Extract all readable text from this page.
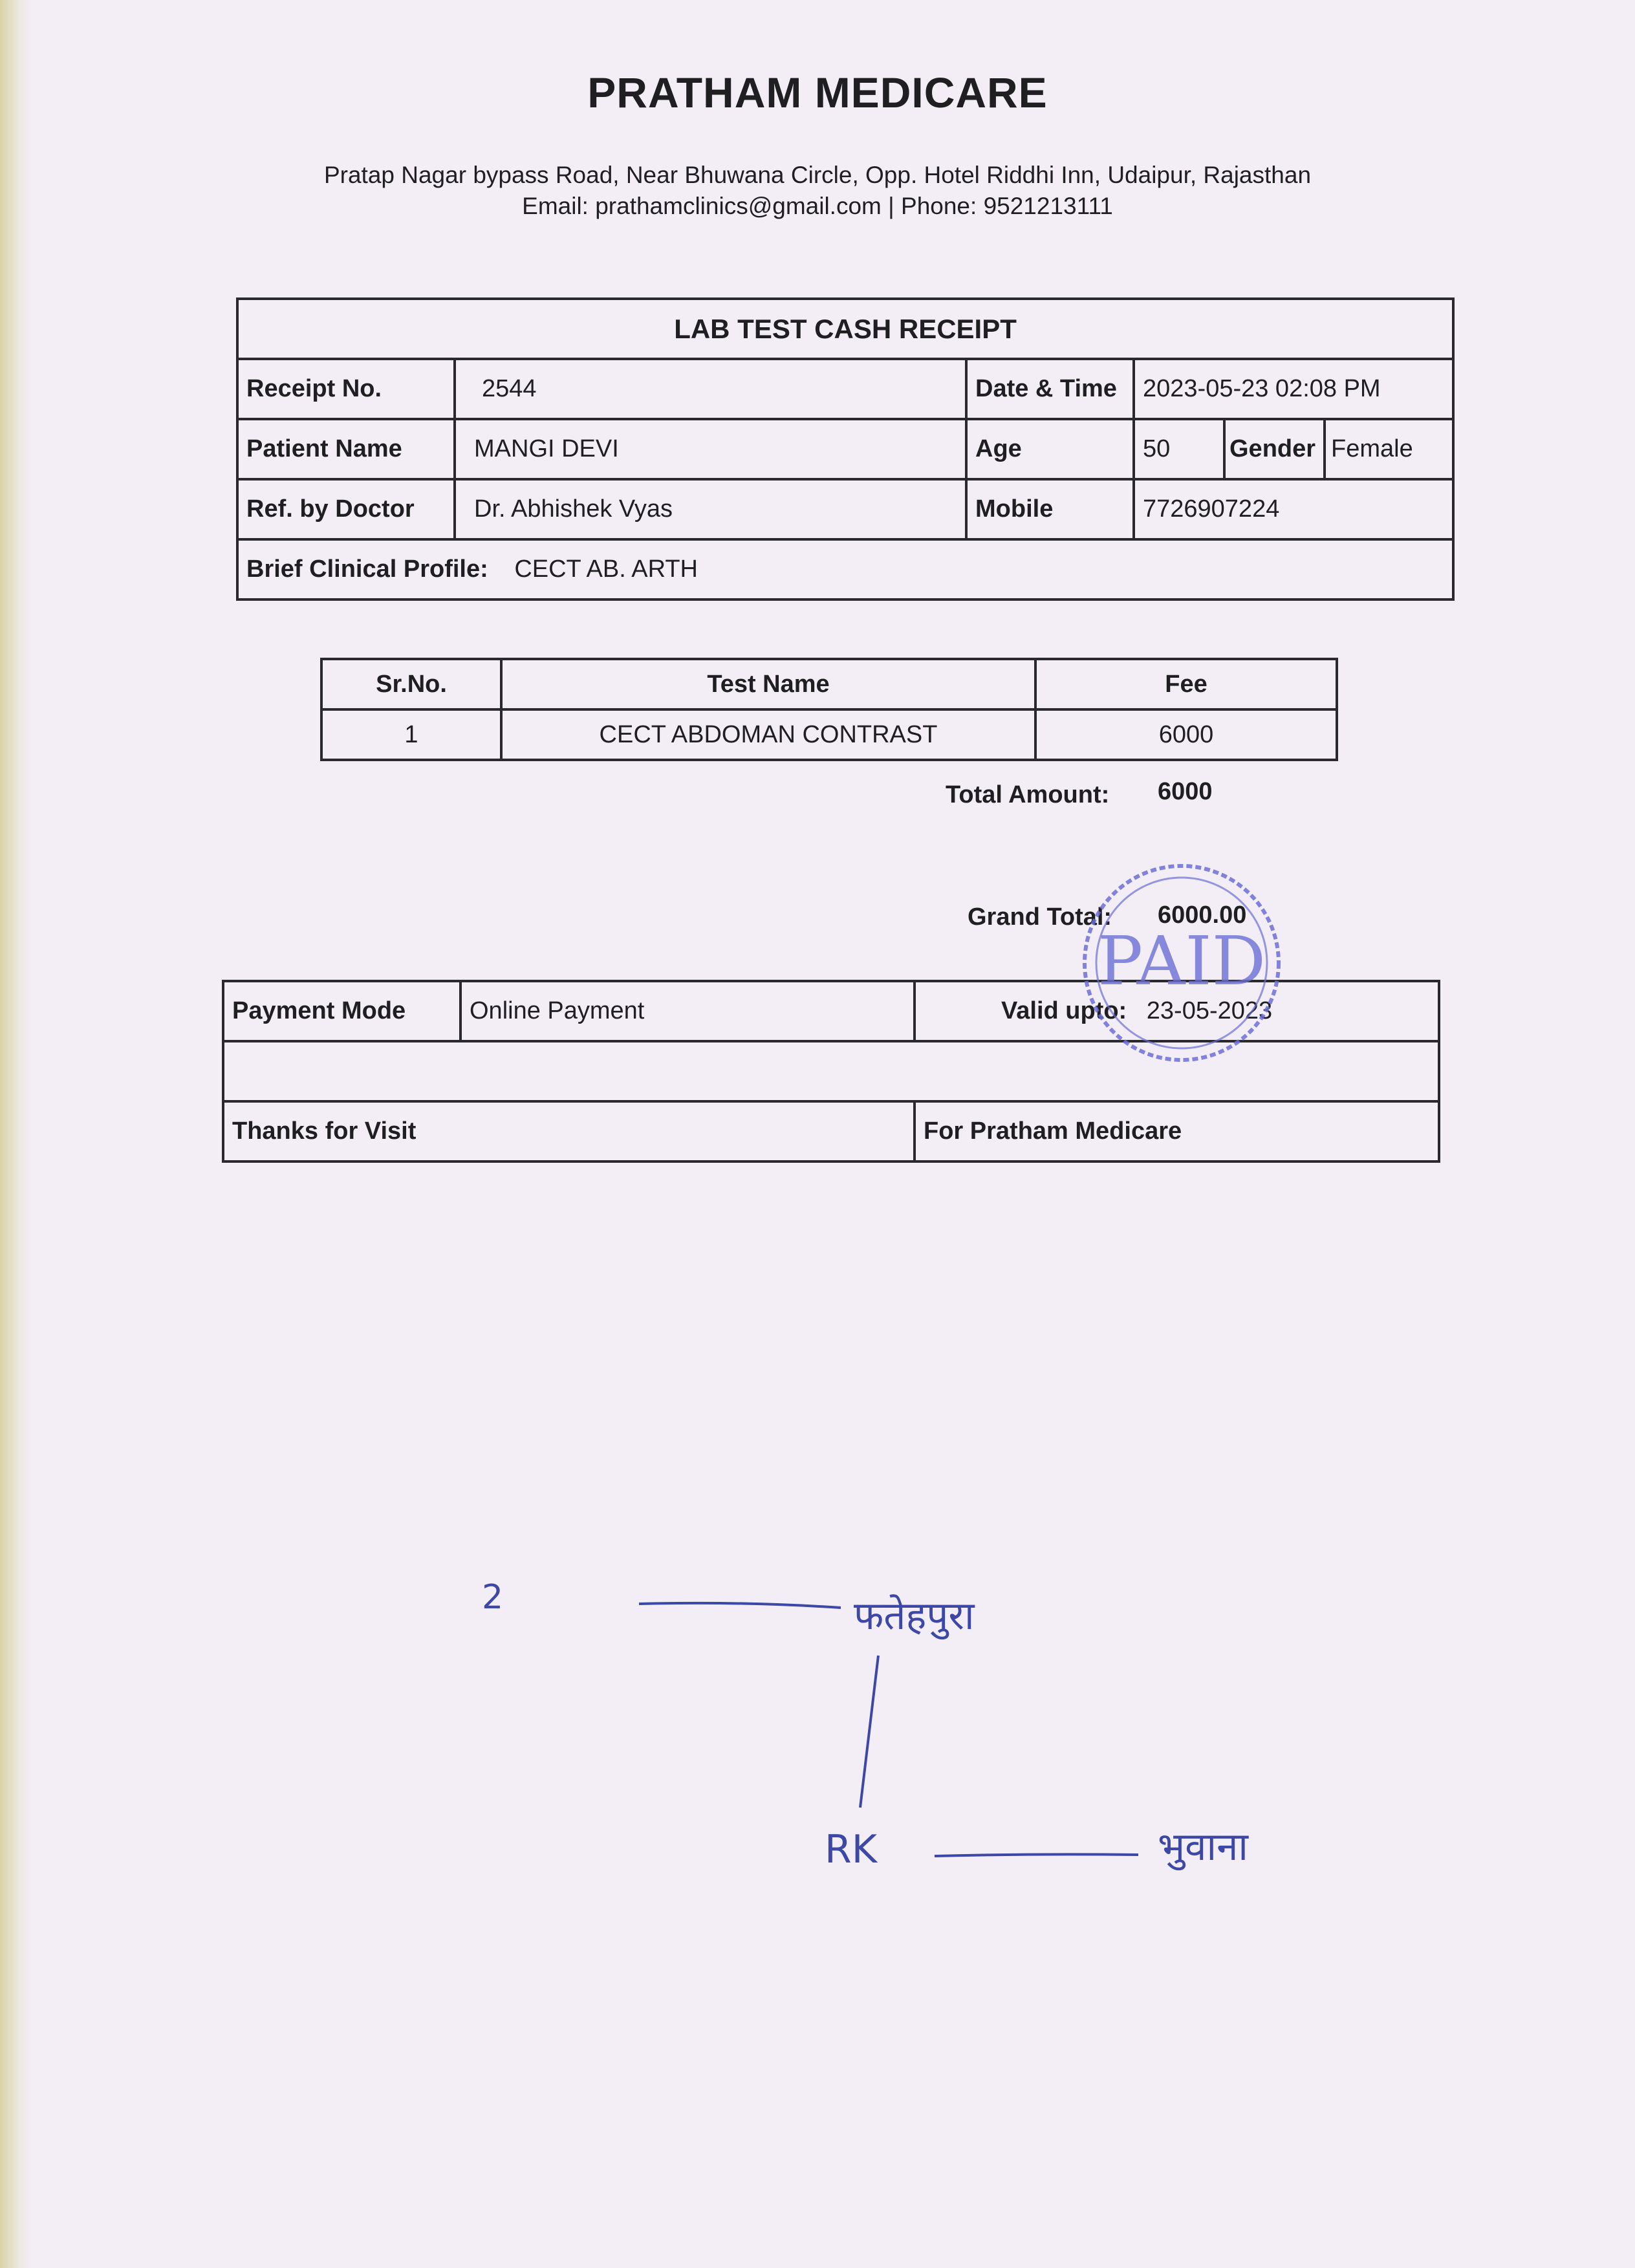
PRATHAM MEDICARE
Pratap Nagar bypass Road, Near Bhuwana Circle, Opp. Hotel Riddhi Inn, Udaipur, Rajasthan
Email: prathamclinics@gmail.com | Phone: 9521213111
LAB TEST CASH RECEIPT					
Receipt No.	2544	Date & Time	2023-05-23 02:08 PM		
Patient Name	MANGI DEVI	Age	50	Gender	Female
Ref. by Doctor	Dr. Abhishek Vyas	Mobile	7726907224		
Brief Clinical Profile: CECT AB. ARTH					
Sr.No.	Test Name	Fee
1	CECT ABDOMAN CONTRAST	6000
Total Amount: 6000
Grand Total: 6000.00
Payment Mode	Online Payment	Valid upto: 23-05-2023

Thanks for Visit		For Pratham Medicare
PAID
2	फतेहपुरा
RK	भुवाना
